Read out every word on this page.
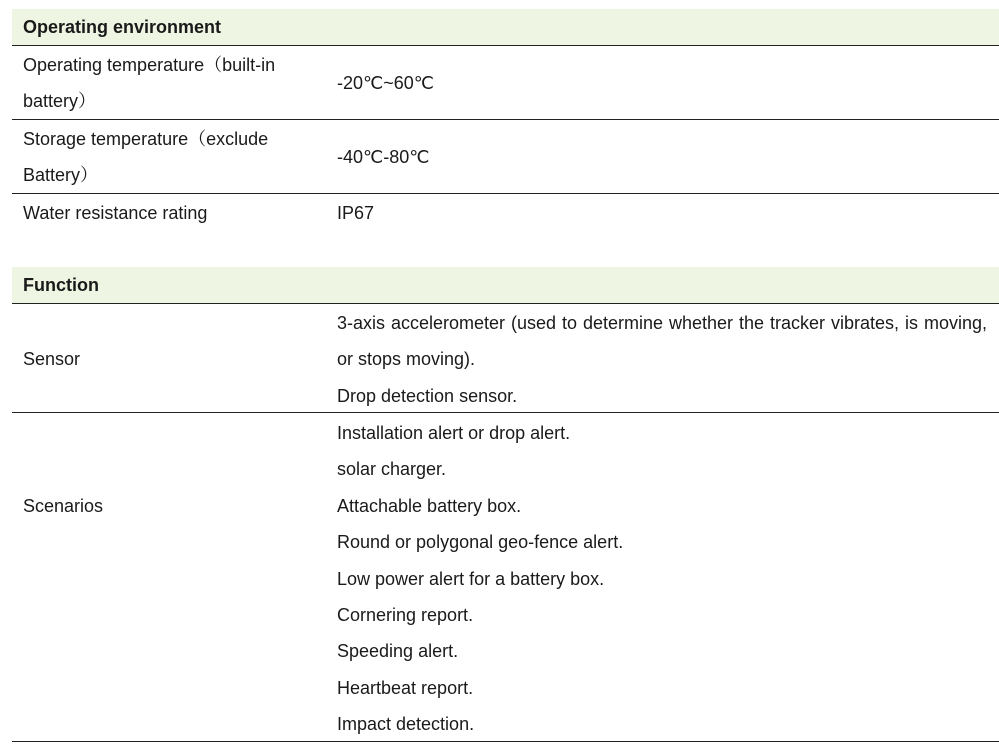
Operating environment
Operating temperature（built-in battery）
-20℃~60℃
Storage temperature（exclude Battery）
-40℃-80℃
Water resistance rating	IP67
Function
Sensor
3-axis accelerometer (used to determine whether the tracker vibrates, is moving, or stops moving).
Drop detection sensor.
Scenarios
Installation alert or drop alert.
solar charger.
Attachable battery box.
Round or polygonal geo-fence alert.
Low power alert for a battery box.
Cornering report.
Speeding alert.
Heartbeat report.
Impact detection.
